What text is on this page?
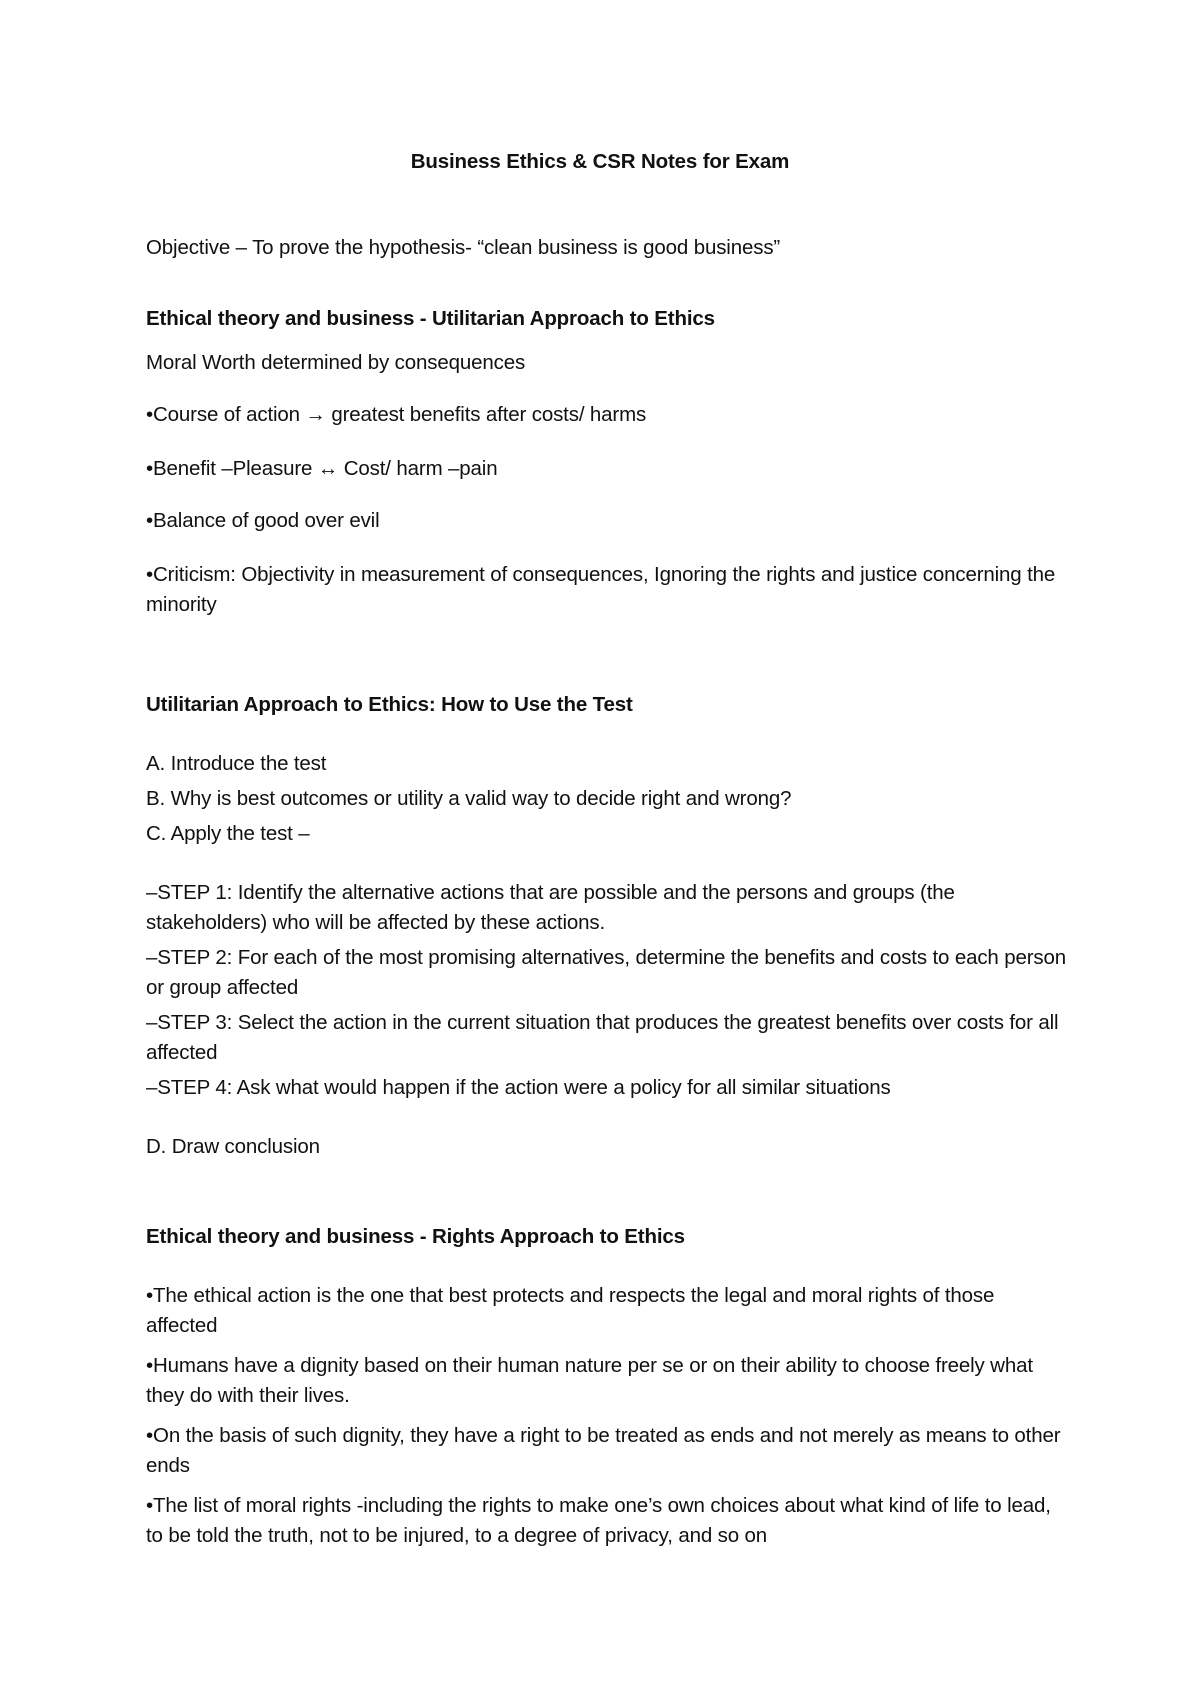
Business Ethics & CSR Notes for Exam
Objective – To prove the hypothesis- “clean business is good business”
Ethical theory and business - Utilitarian Approach to Ethics
Moral Worth determined by consequences
•Course of action → greatest benefits after costs/ harms
•Benefit –Pleasure ↔ Cost/ harm –pain
•Balance of good over evil
•Criticism: Objectivity in measurement of consequences, Ignoring the rights and justice concerning the minority
Utilitarian Approach to Ethics: How to Use the Test
A. Introduce the test
B. Why is best outcomes or utility a valid way to decide right and wrong?
C. Apply the test –
–STEP 1: Identify the alternative actions that are possible and the persons and groups (the stakeholders) who will be affected by these actions.
–STEP 2: For each of the most promising alternatives, determine the benefits and costs to each person or group affected
–STEP 3: Select the action in the current situation that produces the greatest benefits over costs for all affected
–STEP 4: Ask what would happen if the action were a policy for all similar situations
D. Draw conclusion
Ethical theory and business - Rights Approach to Ethics
•The ethical action is the one that best protects and respects the legal and moral rights of those affected
•Humans have a dignity based on their human nature per se or on their ability to choose freely what they do with their lives.
•On the basis of such dignity, they have a right to be treated as ends and not merely as means to other ends
•The list of moral rights -including the rights to make one’s own choices about what kind of life to lead, to be told the truth, not to be injured, to a degree of privacy, and so on
